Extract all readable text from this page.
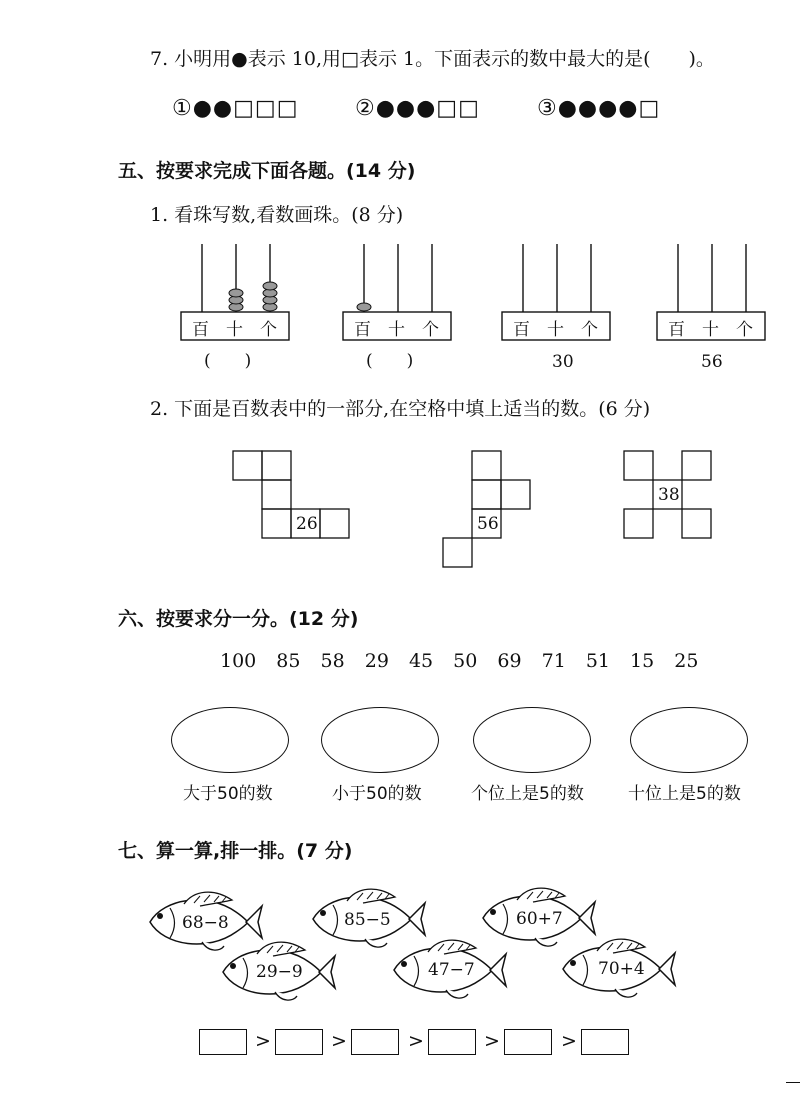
7. 小明用●表示 10,用□表示 1。下面表示的数中最大的是(　　)。
①●●□□□	②●●●□□	③●●●●□
五、按要求完成下面各题。(14 分)
1. 看珠写数,看数画珠。(8 分)
百 十 个	百 十 个	百 十 个	百 十 个
(　　)	(　　)	30	56
2. 下面是百数表中的一部分,在空格中填上适当的数。(6 分)
26	56
38
六、按要求分一分。(12 分)
100 85 58 29 45 50 69 71 51 15 25
大于50的数	小于50的数	个位上是5的数	十位上是5的数
七、算一算,排一排。(7 分)
68−8	85−5	60+7
29−9	47−7	70+4
>	>	>	>	>
